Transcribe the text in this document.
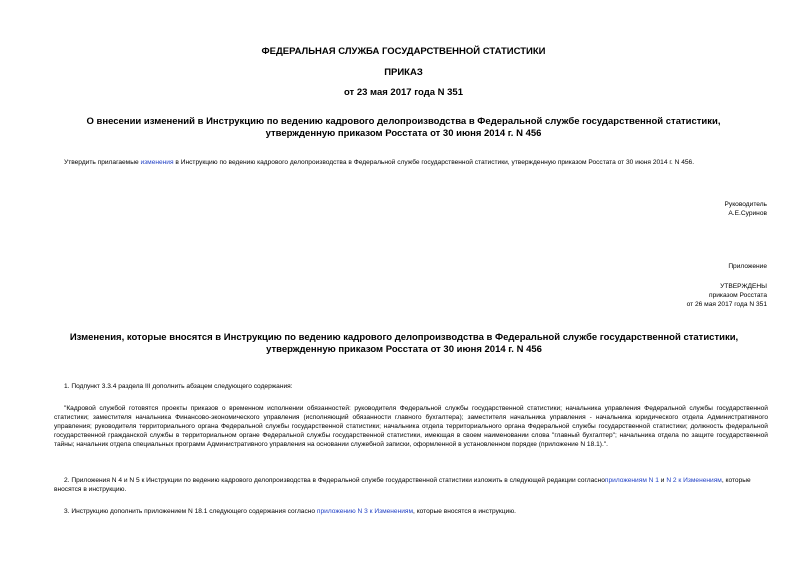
ФЕДЕРАЛЬНАЯ СЛУЖБА ГОСУДАРСТВЕННОЙ СТАТИСТИКИ
ПРИКАЗ
от 23 мая 2017 года N 351
О внесении изменений в Инструкцию по ведению кадрового делопроизводства в Федеральной службе государственной статистики, утвержденную приказом Росстата от 30 июня 2014 г. N 456
Утвердить прилагаемые изменения в Инструкцию по ведению кадрового делопроизводства в Федеральной службе государственной статистики, утвержденную приказом Росстата от 30 июня 2014 г. N 456.
Руководитель
А.Е.Суринов
Приложение
УТВЕРЖДЕНЫ
приказом Росстата
от 26 мая 2017 года N 351
Изменения, которые вносятся в Инструкцию по ведению кадрового делопроизводства в Федеральной службе государственной статистики, утвержденную приказом Росстата от 30 июня 2014 г. N 456
1. Подпункт 3.3.4 раздела III дополнить абзацем следующего содержания:
"Кадровой службой готовятся проекты приказов о временном исполнении обязанностей: руководителя Федеральной службы государственной статистики; начальника управления Федеральной службы государственной статистики; заместителя начальника Финансово-экономического управления (исполняющий обязанности главного бухгалтера); заместителя начальника управления - начальника юридического отдела Административного управления; руководителя территориального органа Федеральной службы государственной статистики; начальника отдела территориального органа Федеральной службы государственной статистики; должность федеральной государственной гражданской службы в территориальном органе Федеральной службы государственной статистики, имеющая в своем наименовании слова "главный бухгалтер"; начальника отдела по защите государственной тайны; начальник отдела специальных программ Административного управления на основании служебной записки, оформленной в установленном порядке (приложение N 18.1).".
2. Приложения N 4 и N 5 к Инструкции по ведению кадрового делопроизводства в Федеральной службе государственной статистики изложить в следующей редакции согласноприложениям N 1 и N 2 к Изменениям, которые вносятся в инструкцию.
3. Инструкцию дополнить приложением N 18.1 следующего содержания согласно приложению N 3 к Изменениям, которые вносятся в инструкцию.
